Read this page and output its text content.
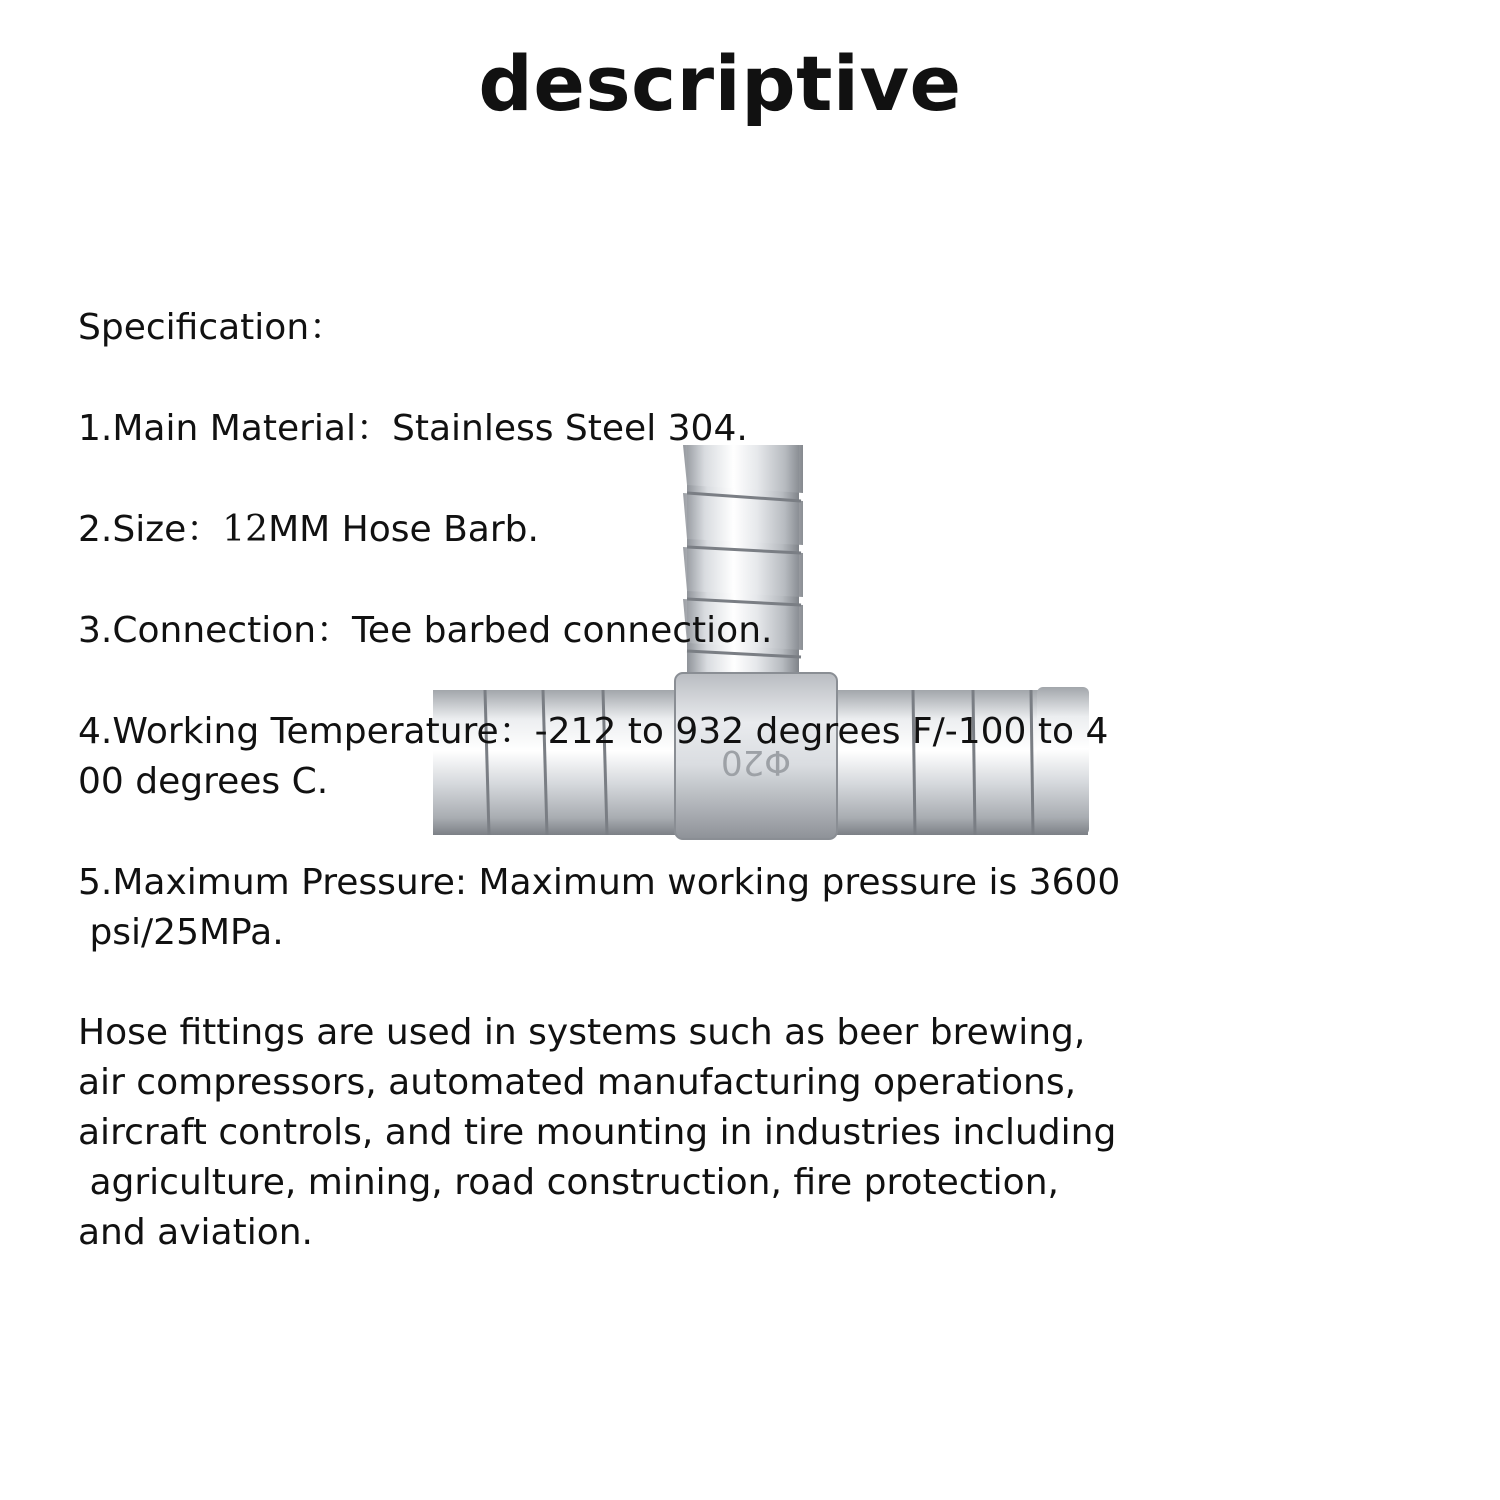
descriptive
Φ20
Specification：
1.Main Material：Stainless Steel 304.
2.Size：12MM Hose Barb.
3.Connection：Tee barbed connection.
4.Working Temperature：-212 to 932 degrees F/-100 to 4
00 degrees C.
5.Maximum Pressure: Maximum working pressure is 3600
psi/25MPa.
Hose fittings are used in systems such as beer brewing,
air compressors, automated manufacturing operations,
aircraft controls, and tire mounting in industries including
agriculture, mining, road construction, fire protection,
and aviation.
